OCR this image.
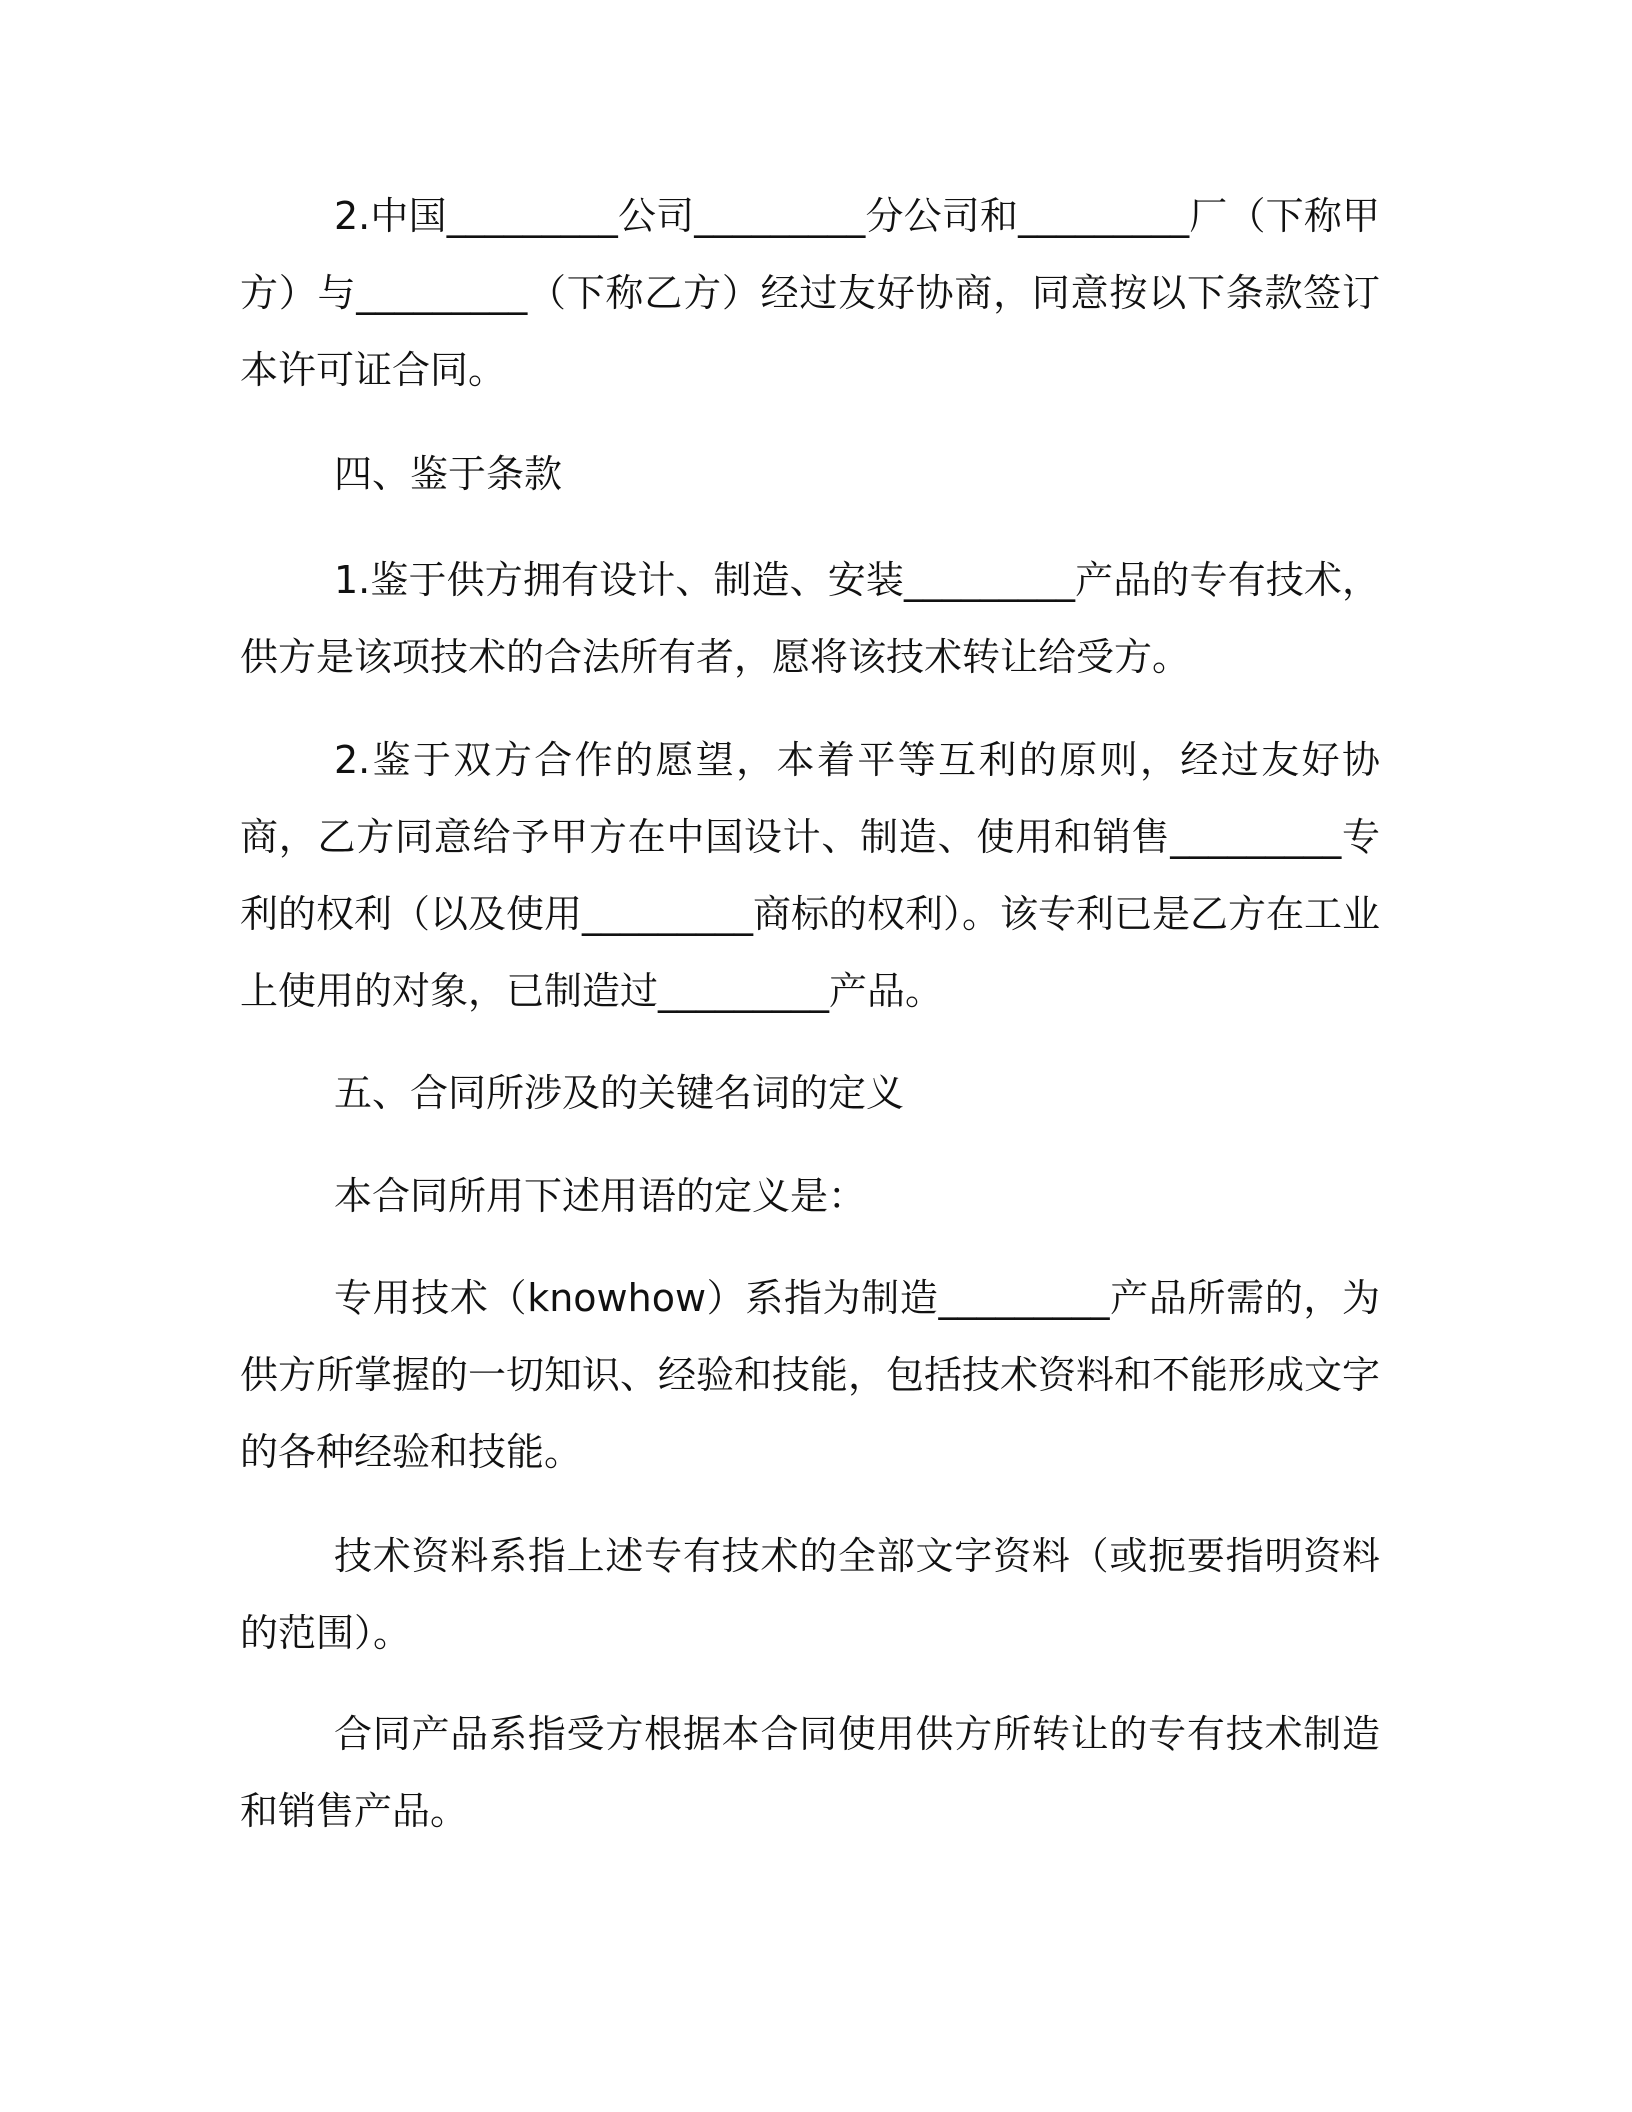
2.中国_________公司_________分公司和_________厂（下称甲方）与_________（下称乙方）经过友好协商，同意按以下条款签订本许可证合同。

四、鉴于条款

1.鉴于供方拥有设计、制造、安装_________产品的专有技术，供方是该项技术的合法所有者，愿将该技术转让给受方。

2.鉴于双方合作的愿望，本着平等互利的原则，经过友好协商，乙方同意给予甲方在中国设计、制造、使用和销售_________专利的权利（以及使用_________商标的权利）。该专利已是乙方在工业上使用的对象，已制造过_________产品。

五、合同所涉及的关键名词的定义

本合同所用下述用语的定义是：

专用技术（knowhow）系指为制造_________产品所需的，为供方所掌握的一切知识、经验和技能，包括技术资料和不能形成文字的各种经验和技能。

技术资料系指上述专有技术的全部文字资料（或扼要指明资料的范围）。

合同产品系指受方根据本合同使用供方所转让的专有技术制造和销售产品。
